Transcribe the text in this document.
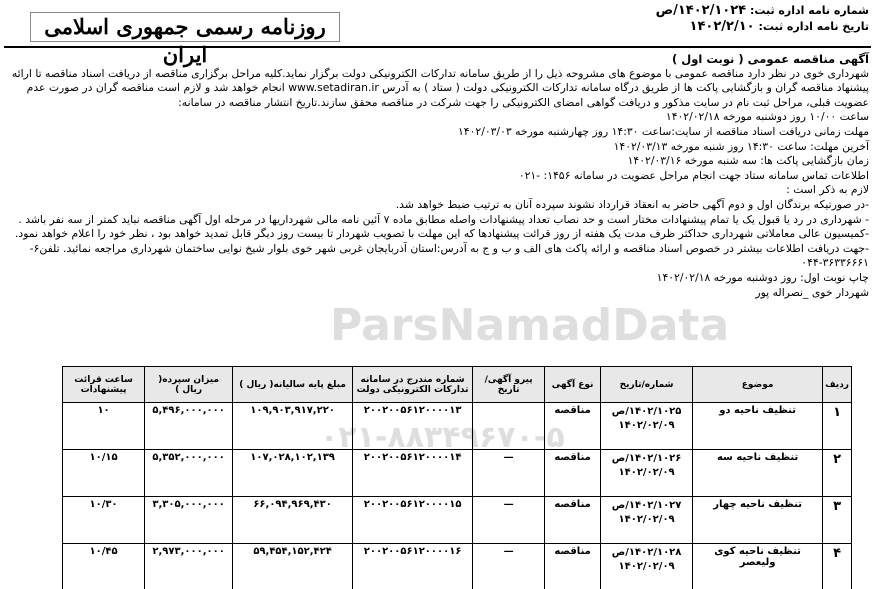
شماره نامه اداره ثبت: ۱۴۰۲/۱۰۲۴/ص
تاریخ نامه اداره ثبت: ۱۴۰۲/۲/۱۰
روزنامه رسمی جمهوری اسلامی ایران
ParsNamadData
۰۲۱-۸۸۳۴۹۶۷۰-۵

آگهی مناقصه عمومی ( نوبت اول )

شهرداری خوی در نظر دارد مناقصه عمومی با موضوع های مشروحه ذیل را از طریق سامانه تدارکات الکترونیکی دولت برگزار نماید.کلیه مراحل برگزاری مناقصه از دریافت اسناد مناقصه تا ارائه پیشنهاد مناقصه گران و بازگشایی پاکت ها از طریق درگاه سامانه تدارکات الکترونیکی دولت ( ستاد ) به آدرس www.setadiran.ir انجام خواهد شد و لازم است مناقصه گران در صورت عدم عضویت قبلی، مراحل ثبت نام در سایت مذکور و دریافت گواهی امضای الکترونیکی را جهت شرکت در مناقصه محقق سازند.تاریخ انتشار مناقصه در سامانه:

ساعت ۱۰/۰۰ روز دوشنبه مورخه ۱۴۰۲/۰۲/۱۸

مهلت زمانی دریافت اسناد مناقصه از سایت:ساعت ۱۴:۳۰ روز چهارشنبه مورخه ۱۴۰۲/۰۳/۰۳

آخرین مهلت: ساعت ۱۴:۳۰ روز شنبه مورخه ۱۴۰۲/۰۳/۱۳

زمان بازگشایی پاکت ها: سه شنبه مورخه ۱۴۰۲/۰۳/۱۶

اطلاعات تماس سامانه ستاد جهت انجام مراحل عضویت در سامانه ۱۴۵۶: -۰۲۱

لازم به ذکر است :

-در صورتیکه برندگان اول و دوم آگهی حاضر به انعقاد قرارداد نشوند سپرده آنان به ترتیب ضبط خواهد شد.

- شهرداری در رد یا قبول یک یا تمام پیشنهادات مختار است و حد نصاب تعداد پیشنهادات واصله مطابق ماده ۷ آئین نامه مالی شهرداریها در مرحله اول آگهی مناقصه نباید کمتر از سه نفر باشد .

-کمیسیون عالی معاملاتی شهرداری حداکثر ظرف مدت یک هفته از روز قرائت پیشنهادها که این مهلت با تصویب شهردار تا بیست روز دیگر قابل تمدید خواهد بود ، نظر خود را اعلام خواهد نمود.

-جهت دریافت اطلاعات بیشتر در خصوص اسناد مناقصه و ارائه پاکت های الف و ب و ج به آدرس:استان آذربایجان غربی شهر خوی بلوار شیخ نوایی ساختمان شهرداری مراجعه نمائید. تلفن۶- ۳۶۳۳۶۶۶۱-۰۴۴

چاپ نوبت اول: روز دوشنبه مورخه ۱۴۰۲/۰۲/۱۸

شهردار خوی _نصراله پور

ردیف	موضوع	شماره/تاریخ	نوع آگهی	پیرو آگهی/تاریخ	شماره مندرج در سامانه تدارکات الکترونیکی دولت	مبلغ پایه سالیانه( ریال )	میزان سپرده( ریال )	ساعت قرائت پیشنهادات
۱	تنظیف ناحیه دو	۱۴۰۲/۱۰۲۵/ص
۱۴۰۲/۰۲/۰۹	مناقصه		۲۰۰۲۰۰۵۶۱۲۰۰۰۰۱۳	۱۰۹,۹۰۳,۹۱۷,۲۲۰	۵,۴۹۶,۰۰۰,۰۰۰	۱۰
۲	تنظیف ناحیه سه	۱۴۰۲/۱۰۲۶/ص
۱۴۰۲/۰۲/۰۹	مناقصه	—	۲۰۰۲۰۰۵۶۱۲۰۰۰۰۱۴	۱۰۷,۰۲۸,۱۰۲,۱۳۹	۵,۳۵۲,۰۰۰,۰۰۰	۱۰/۱۵
۳	تنظیف ناحیه چهار	۱۴۰۲/۱۰۲۷/ص
۱۴۰۲/۰۲/۰۹	مناقصه	—	۲۰۰۲۰۰۵۶۱۲۰۰۰۰۱۵	۶۶,۰۹۴,۹۶۹,۴۳۰	۳,۳۰۵,۰۰۰,۰۰۰	۱۰/۳۰
۴	تنظیف ناحیه کوی ولیعصر	۱۴۰۲/۱۰۲۸/ص
۱۴۰۲/۰۲/۰۹	مناقصه	—	۲۰۰۲۰۰۵۶۱۲۰۰۰۰۱۶	۵۹,۴۵۴,۱۵۲,۴۲۴	۲,۹۷۳,۰۰۰,۰۰۰	۱۰/۴۵
